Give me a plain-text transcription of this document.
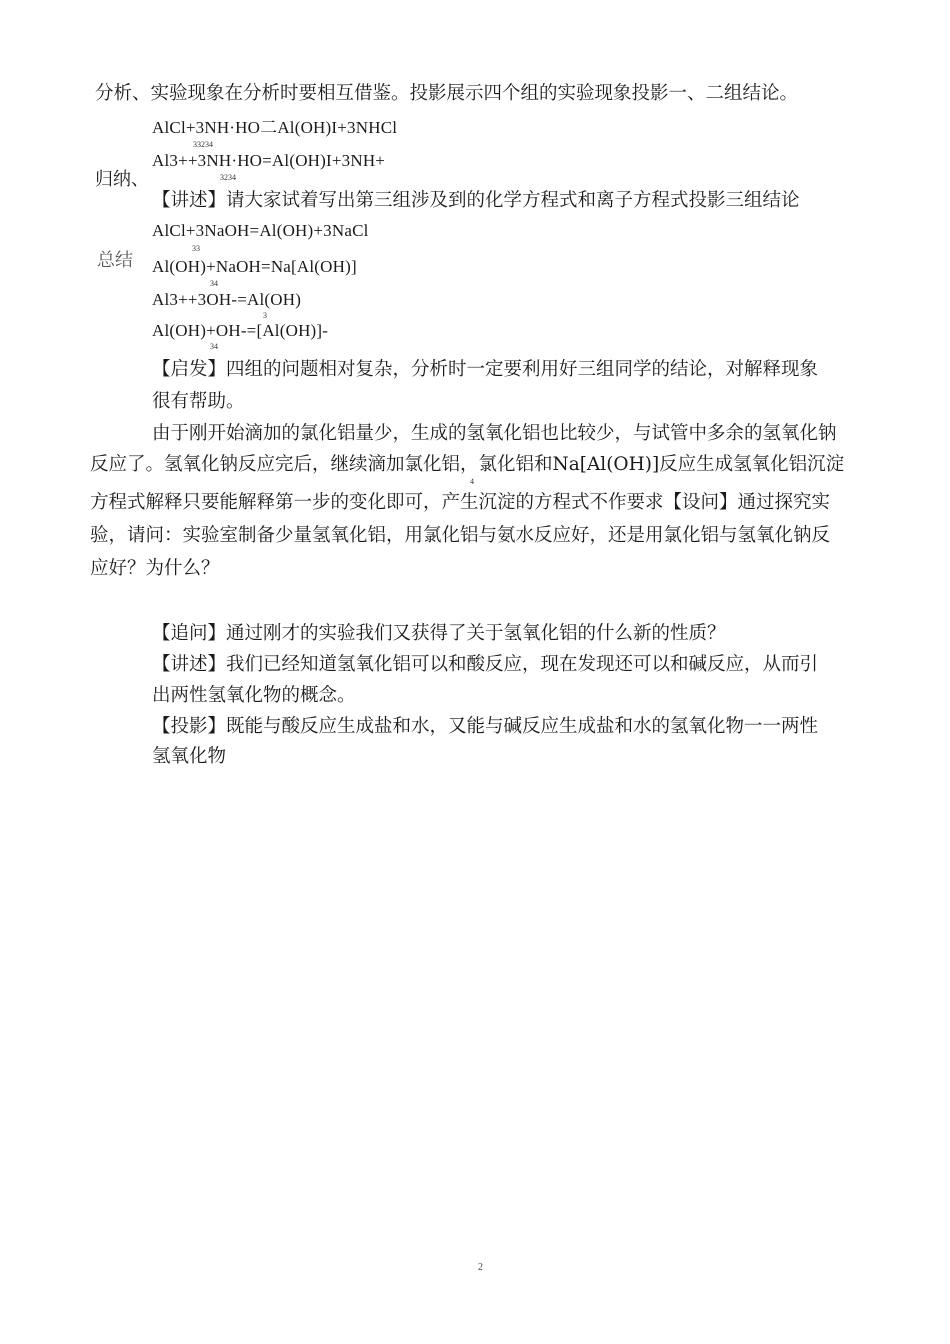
分析、实验现象在分析时要相互借鉴。投影展示四个组的实验现象投影一、二组结论。
AlCl+3NH·HO二Al(OH)I+3NHCl
33234
Al3++3NH·HO=Al(OH)I+3NH+
3234
归纳、
【讲述】请大家试着写出第三组涉及到的化学方程式和离子方程式投影三组结论
AlCl+3NaOH=Al(OH)+3NaCl
33
总结 Al(OH)+NaOH=Na[Al(OH)]
34
Al3++3OH-=Al(OH)
3
Al(OH)+OH-=[Al(OH)]-
34
【启发】四组的问题相对复杂，分析时一定要利用好三组同学的结论，对解释现象
很有帮助。
由于刚开始滴加的氯化铝量少，生成的氢氧化铝也比较少，与试管中多余的氢氧化钠
反应了。氢氧化钠反应完后，继续滴加氯化铝，氯化铝和Na[Al(OH)]反应生成氢氧化铝沉淀
4
方程式解释只要能解释第一步的变化即可，产生沉淀的方程式不作要求【设问】通过探究实
验，请问：实验室制备少量氢氧化铝，用氯化铝与氨水反应好，还是用氯化铝与氢氧化钠反
应好？为什么？
【追问】通过刚才的实验我们又获得了关于氢氧化铝的什么新的性质？
【讲述】我们已经知道氢氧化铝可以和酸反应，现在发现还可以和碱反应，从而引
出两性氢氧化物的概念。
【投影】既能与酸反应生成盐和水，又能与碱反应生成盐和水的氢氧化物一一两性
氢氧化物
2
